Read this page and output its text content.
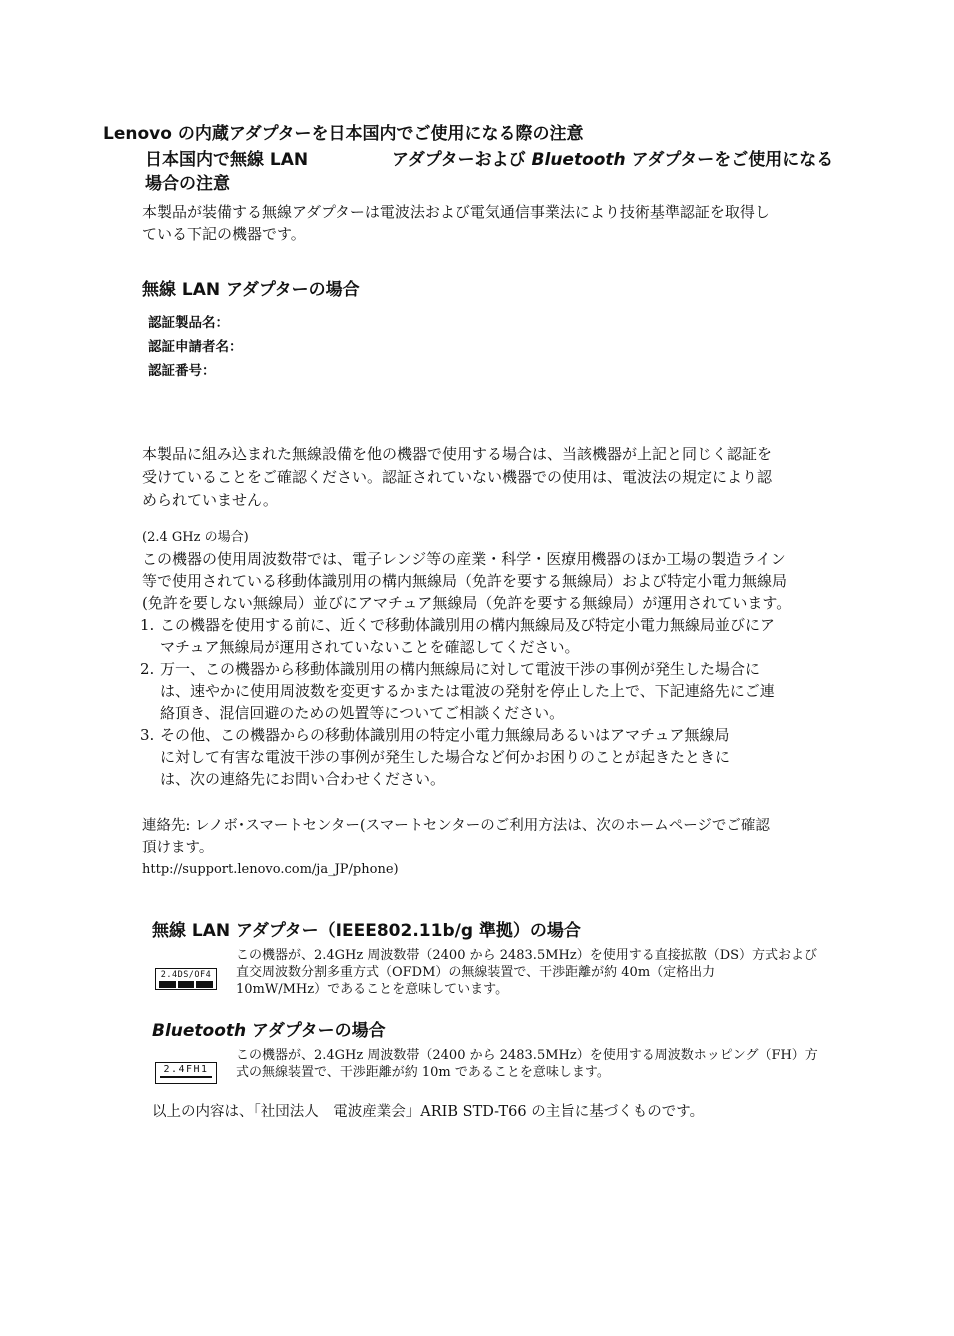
Lenovo の内蔵アダプターを日本国内でご使用になる際の注意
日本国内で無線 LAN	アダプターおよび Bluetooth アダプターをご使用になる
場合の注意
本製品が装備する無線アダプターは電波法および電気通信事業法により技術基準認証を取得し
ている下記の機器です。
無線 LAN アダプターの場合
認証製品名：
認証申請者名：
認証番号：
本製品に組み込まれた無線設備を他の機器で使用する場合は、当該機器が上記と同じく認証を
受けていることをご確認ください。認証されていない機器での使用は、電波法の規定により認
められていません。
(2.4 GHz の場合)
この機器の使用周波数帯では、電子レンジ等の産業・科学・医療用機器のほか工場の製造ライン
等で使用されている移動体識別用の構内無線局（免許を要する無線局）および特定小電力無線局
(免許を要しない無線局）並びにアマチュア無線局（免許を要する無線局）が運用されています。
1. この機器を使用する前に、近くで移動体識別用の構内無線局及び特定小電力無線局並びにア
マチュア無線局が運用されていないことを確認してください。
2. 万一、この機器から移動体識別用の構内無線局に対して電波干渉の事例が発生した場合に
は、速やかに使用周波数を変更するかまたは電波の発射を停止した上で、下記連絡先にご連
絡頂き、混信回避のための処置等についてご相談ください。
3. その他、この機器からの移動体識別用の特定小電力無線局あるいはアマチュア無線局
に対して有害な電波干渉の事例が発生した場合など何かお困りのことが起きたときに
は、次の連絡先にお問い合わせください。
連絡先: レノボ･スマートセンター(スマートセンターのご利用方法は、次のホームページでご確認
頂けます。
http://support.lenovo.com/ja_JP/phone)
無線 LAN アダプター（IEEE802.11b/g 準拠）の場合
2.4DS/OF4
この機器が、2.4GHz 周波数帯（2400 から 2483.5MHz）を使用する直接拡散（DS）方式および
直交周波数分割多重方式（OFDM）の無線装置で、干渉距離が約 40m（定格出力
10mW/MHz）であることを意味しています。
Bluetooth アダプターの場合
2.4FH1
この機器が、2.4GHz 周波数帯（2400 から 2483.5MHz）を使用する周波数ホッピング（FH）方
式の無線装置で、干渉距離が約 10m であることを意味します。
以上の内容は、「社団法人　電波産業会」ARIB STD-T66 の主旨に基づくものです。
